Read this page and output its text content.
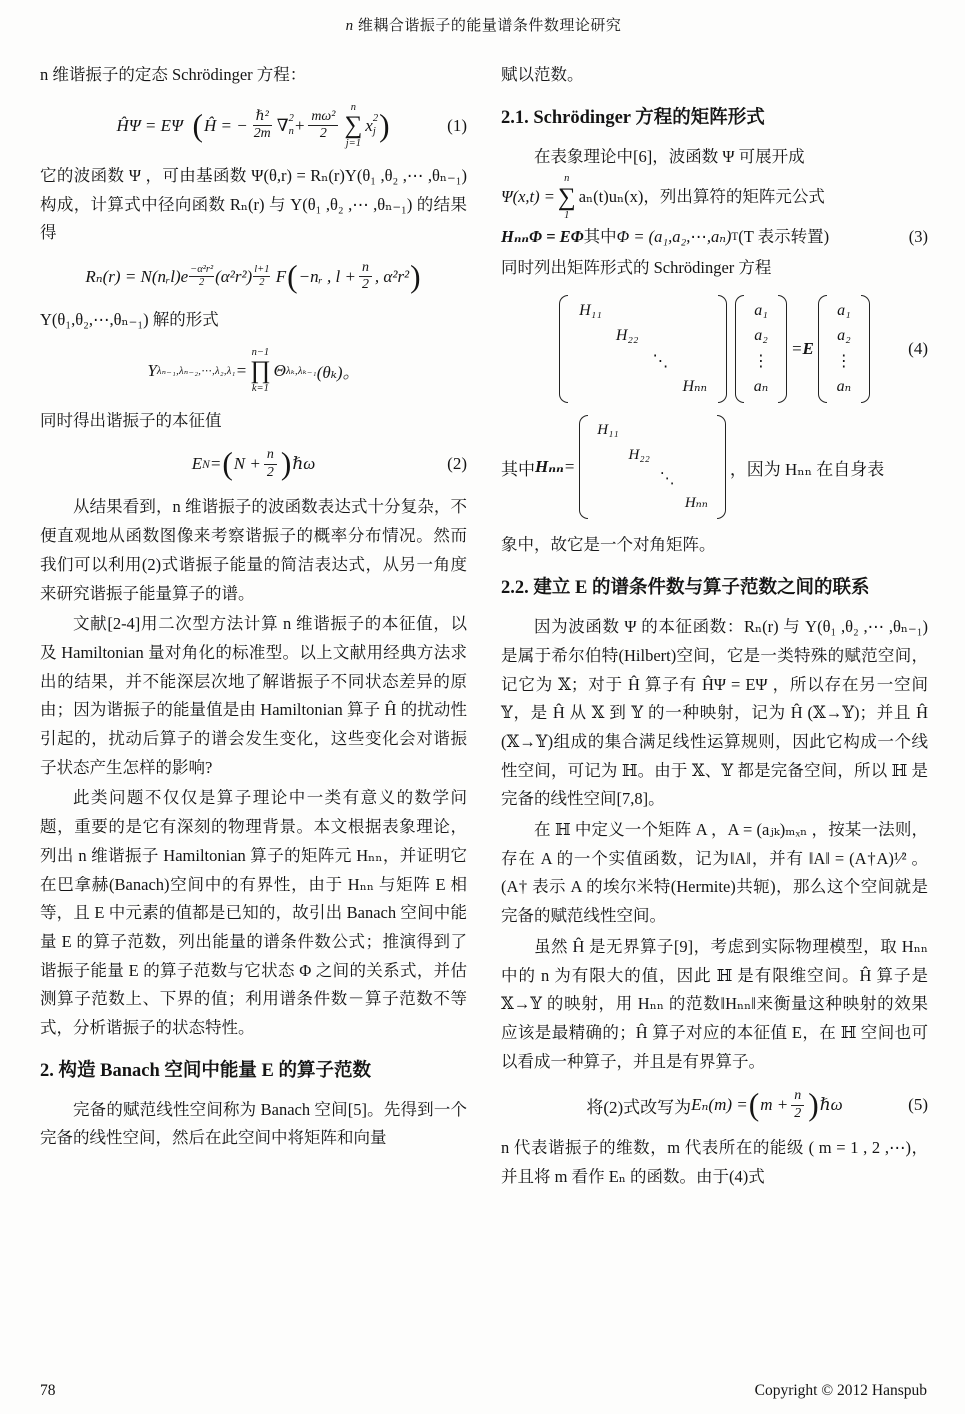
n 维耦合谐振子的能量谱条件数理论研究

n 维谐振子的定态 Schrödinger 方程：

ĤΨ = EΨ
( Ĥ = − $\frac{\text{ℏ²}}{2m}$ ∇ 2
$n + \frac{\text{mω²}}{2}$
n
∑
j=1
x 2
j )	(1)

它的波函数 Ψ ，可由基函数 Ψ(θ,r) = Rₙ(r)Y(θ₁ ,θ₂ ,⋯ ,θₙ₋₁) 构成，计算式中径向函数 Rₙ(r) 与 Y(θ₁ ,θ₂ ,⋯ ,θₙ₋₁) 的结果得

Rₙ(r) = N(nᵣl)e −α²r²
2 (α²r²) l+1
2
F ( −nᵣ , $l + \frac{n}{2}$ , α²r² )

Y(θ₁,θ₂,⋯,θₙ₋₁) 解的形式

Y λₙ₋₁,λₙ₋₂,⋯,λ₂,λ₁ =
n−1
∏
k=1
Θ λₖ,λₖ₋₁ (θₖ)。

同时得出谐振子的本征值

E N = ( $N + \frac{n}{2}$ ) ℏω	(2)

从结果看到，n 维谐振子的波函数表达式十分复杂，不便直观地从函数图像来考察谐振子的概率分布情况。然而我们可以利用(2)式谐振子能量的简洁表达式，从另一角度来研究谐振子能量算子的谱。

文献[2-4]用二次型方法计算 n 维谐振子的本征值，以及 Hamiltonian 量对角化的标准型。以上文献用经典方法求出的结果，并不能深层次地了解谐振子不同状态差异的原由；因为谐振子的能量值是由 Hamiltonian 算子 Ĥ 的扰动性引起的，扰动后算子的谱会发生变化，这些变化会对谐振子状态产生怎样的影响?

此类问题不仅仅是算子理论中一类有意义的数学问题，重要的是它有深刻的物理背景。本文根据表象理论，列出 n 维谐振子 Hamiltonian 算子的矩阵元 Hₙₙ，并证明它在巴拿赫(Banach)空间中的有界性，由于 Hₙₙ 与矩阵 E 相等，且 E 中元素的值都是已知的，故引出 Banach 空间中能量 E 的算子范数，列出能量的谱条件数公式；推演得到了谐振子能量 E 的算子范数与它状态 Φ 之间的关系式，并估测算子范数上、下界的值；利用谱条件数－算子范数不等式，分析谐振子的状态特性。

2. 构造 Banach 空间中能量 E 的算子范数

完备的赋范线性空间称为 Banach 空间[5]。先得到一个完备的线性空间，然后在此空间中将矩阵和向量

赋以范数。

2.1. Schrödinger 方程的矩阵形式

在表象理论中[6]，波函数 Ψ 可展开成

Ψ(x,t) =
n
∑
1
aₙ(t)uₙ(x)，列出算符的矩阵元公式
HₙₙΦ = EΦ 其中 Φ = (a₁,a₂,⋯,aₙ) T (T 表示转置)	(3)

同时列出矩阵形式的 Schrödinger 方程

H₁₁
H₂₂
⋱
Hₙₙ
a₁
a₂
⋮
aₙ
= E
a₁
a₂
⋮
aₙ
(4)
其中 Hₙₙ =
H₁₁
H₂₂
⋱
Hₙₙ
，因为 Hₙₙ 在自身表

象中，故它是一个对角矩阵。

2.2. 建立 E 的谱条件数与算子范数之间的联系

因为波函数 Ψ 的本征函数：Rₙ(r) 与 Y(θ₁ ,θ₂ ,⋯ ,θₙ₋₁) 是属于希尔伯特(Hilbert)空间，它是一类特殊的赋范空间，记它为 𝕏；对于 Ĥ 算子有 ĤΨ = EΨ ，所以存在另一空间 𝕐，是 Ĥ 从 𝕏 到 𝕐 的一种映射，记为 Ĥ (𝕏→𝕐)；并且 Ĥ (𝕏→𝕐)组成的集合满足线性运算规则，因此它构成一个线性空间，可记为 ℍ。由于 𝕏、𝕐 都是完备空间，所以 ℍ 是完备的线性空间[7,8]。

在 ℍ 中定义一个矩阵 A ，A = (aⱼₖ)ₘₓₙ ，按某一法则，存在 A 的一个实值函数，记为‖A‖，并有 ‖A‖ = (A†A)¹⁄² 。(A† 表示 A 的埃尔米特(Hermite)共轭)，那么这个空间就是完备的赋范线性空间。

虽然 Ĥ 是无界算子[9]，考虑到实际物理模型，取 Hₙₙ 中的 n 为有限大的值，因此 ℍ 是有限维空间。Ĥ 算子是 𝕏→𝕐 的映射，用 Hₙₙ 的范数‖Hₙₙ‖来衡量这种映射的效果应该是最精确的；Ĥ 算子对应的本征值 E，在 ℍ 空间也可以看成一种算子，并且是有界算子。

将(2)式改写为 Eₙ(m) = ( $m + \frac{n}{2}$ ) ℏω	(5)

n 代表谐振子的维数，m 代表所在的能级 ( m = 1 , 2 ,⋯)，并且将 m 看作 Eₙ 的函数。由于(4)式

78	Copyright © 2012 Hanspub
